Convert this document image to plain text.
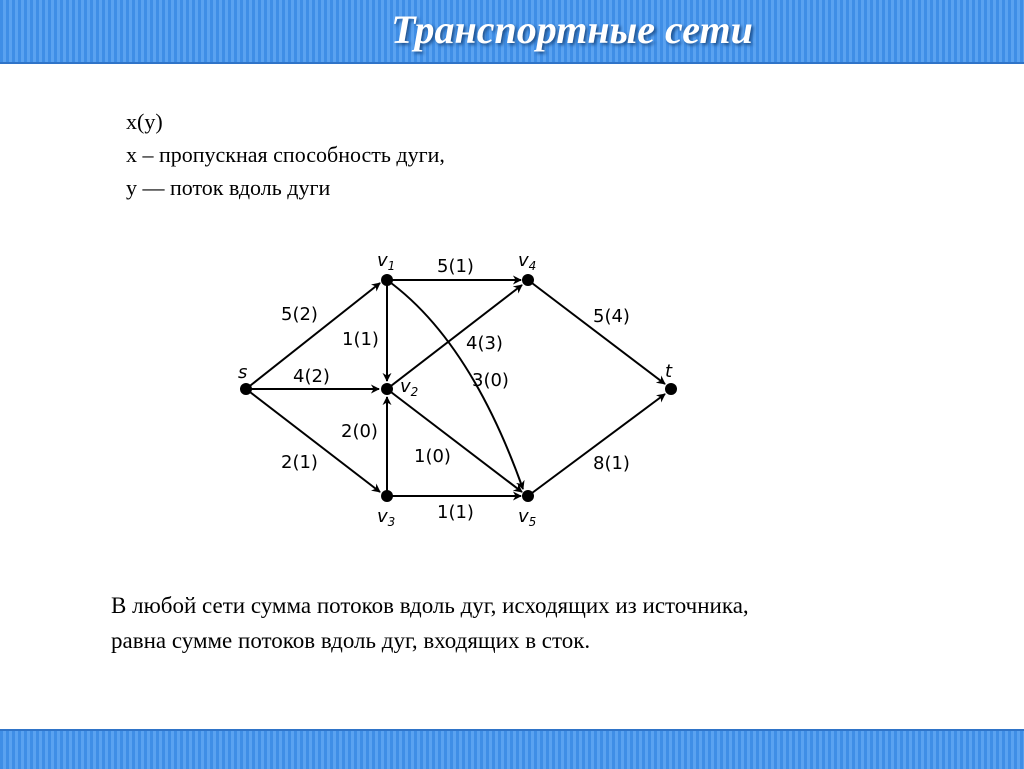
Транспортные сети
x(y)
x – пропускная способность дуги,
y — поток вдоль дуги
s
$v_1$
$v_2$
$v_3$
$v_4$
$v_5$
t
5(2)
4(2)
2(1)
5(1)
1(1)
3(0)
4(3)
2(0)
1(0)
1(1)
5(4)
8(1)
В любой сети сумма потоков вдоль дуг, исходящих из источника,
равна сумме потоков вдоль дуг, входящих в сток.
